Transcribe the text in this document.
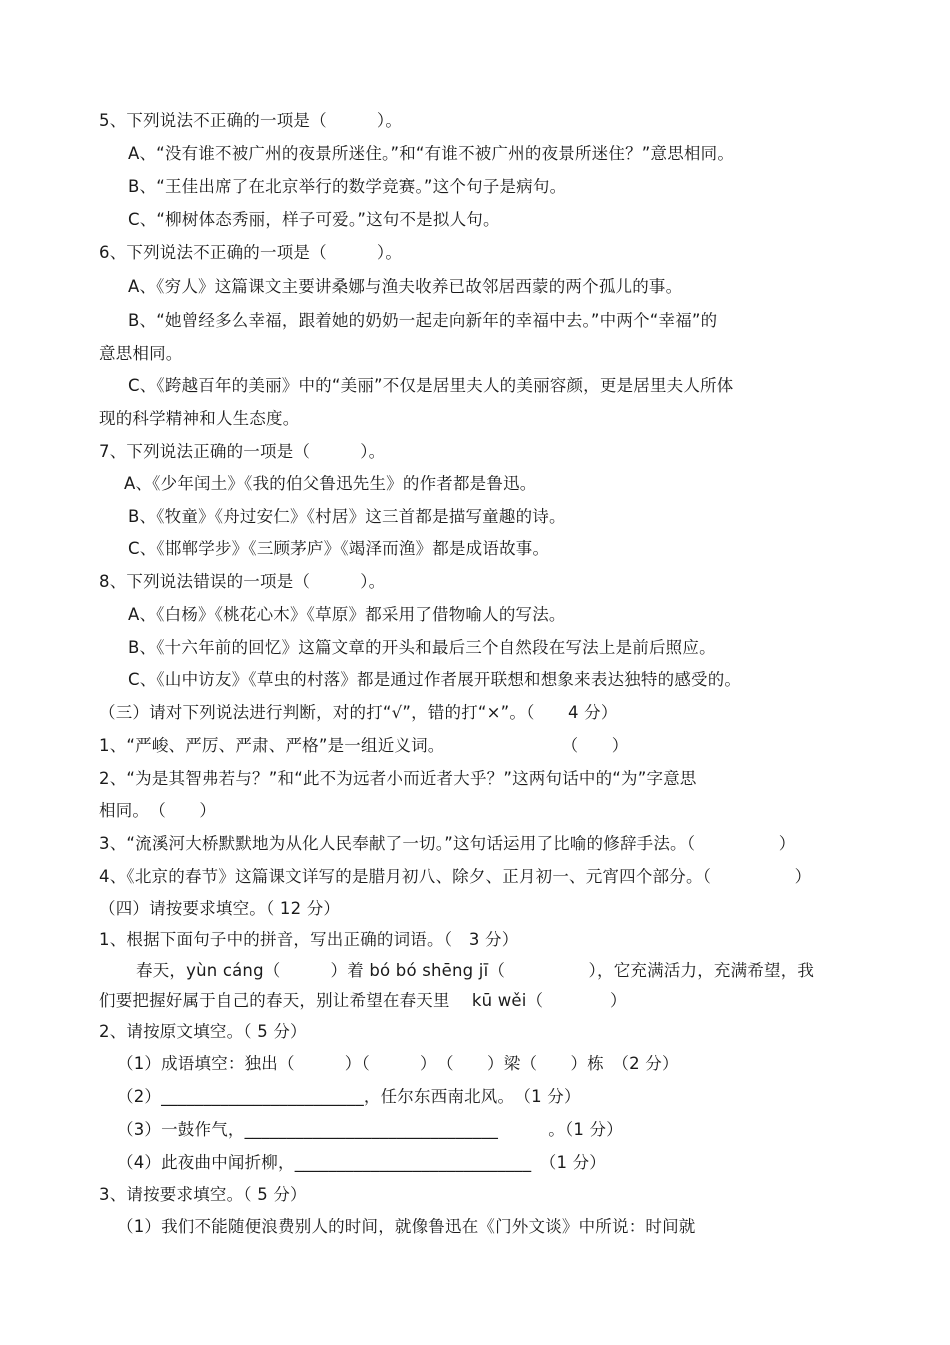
5、下列说法不正确的一项是（　　　）。
A、“没有谁不被广州的夜景所迷住。”和“有谁不被广州的夜景所迷住？”意思相同。
B、“王佳出席了在北京举行的数学竞赛。”这个句子是病句。
C、“柳树体态秀丽，样子可爱。”这句不是拟人句。
6、下列说法不正确的一项是（　　　）。
A、《穷人》这篇课文主要讲桑娜与渔夫收养已故邻居西蒙的两个孤儿的事。
B、“她曾经多么幸福，跟着她的奶奶一起走向新年的幸福中去。”中两个“幸福”的
意思相同。
C、《跨越百年的美丽》中的“美丽”不仅是居里夫人的美丽容颜，更是居里夫人所体
现的科学精神和人生态度。
7、下列说法正确的一项是（　　　）。
A、《少年闰土》《我的伯父鲁迅先生》的作者都是鲁迅。
B、《牧童》《舟过安仁》《村居》这三首都是描写童趣的诗。
C、《邯郸学步》《三顾茅庐》《竭泽而渔》都是成语故事。
8、下列说法错误的一项是（　　　）。
A、《白杨》《桃花心木》《草原》都采用了借物喻人的写法。
B、《十六年前的回忆》这篇文章的开头和最后三个自然段在写法上是前后照应。
C、《山中访友》《草虫的村落》都是通过作者展开联想和想象来表达独特的感受的。
（三）请对下列说法进行判断，对的打“√”，错的打“×”。（　　4 分）
1、“严峻、严厉、严肃、严格”是一组近义词。　　　　　　　　（　　）
2、“为是其智弗若与？”和“此不为远者小而近者大乎？”这两句话中的“为”字意思
相同。　（　　）
3、“流溪河大桥默默地为从化人民奉献了一切。”这句话运用了比喻的修辞手法。（　　　　　）
4、《北京的春节》这篇课文详写的是腊月初八、除夕、正月初一、元宵四个部分。（　　　　　）
（四）请按要求填空。（ 12 分）
1、根据下面句子中的拼音，写出正确的词语。（　3 分）
春天，yùn cáng（　　　）着 bó bó shēng jī（　　　　　），它充满活力，充满希望，我
们要把握好属于自己的春天，别让希望在春天里　 kū wěi（　　　　）
2、请按原文填空。（ 5 分）
（1）成语填空：独出（　　　）（　　　）　（　　）梁（　　）栋　（2 分）
（2）________________________，任尔东西南北风。　（1 分）
（3）一鼓作气，______________________________　　　。（1 分）
（4）此夜曲中闻折柳，____________________________　（1 分）
3、请按要求填空。（ 5 分）
（1）我们不能随便浪费别人的时间，就像鲁迅在《门外文谈》中所说：时间就
